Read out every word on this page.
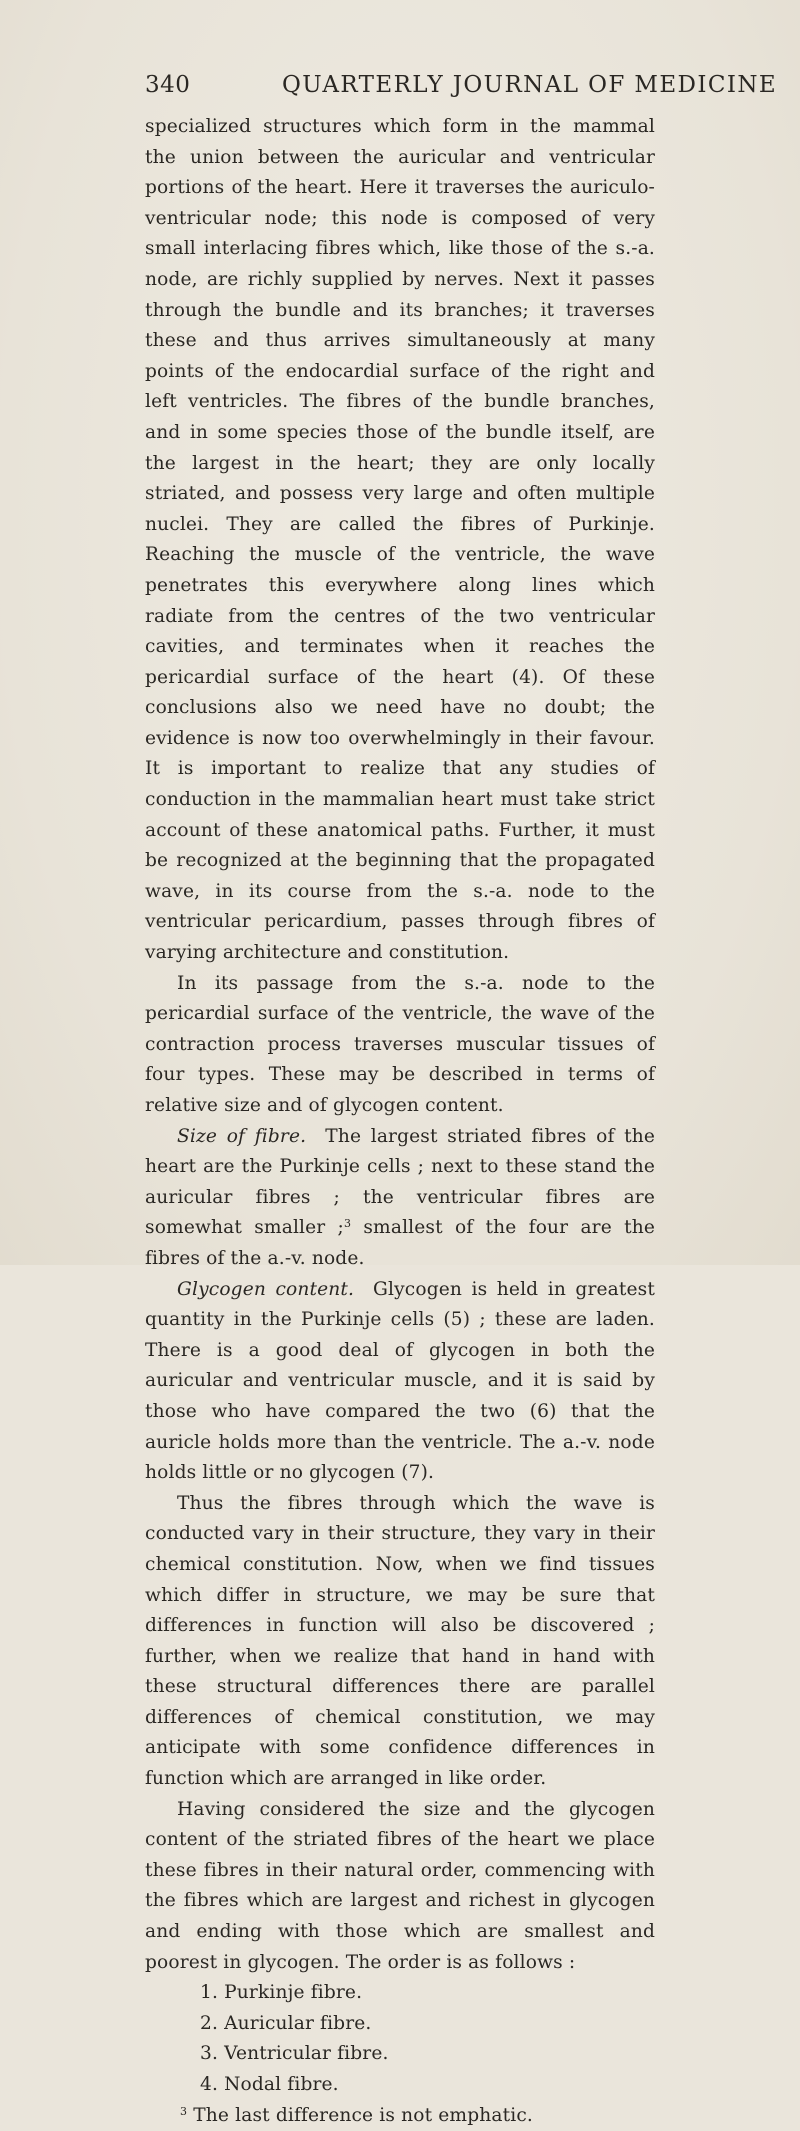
340	QUARTERLY JOURNAL OF MEDICINE

specialized structures which form in the mammal the union between the auricular and ventricular portions of the heart. Here it traverses the auriculo-ventricular node; this node is composed of very small interlacing fibres which, like those of the s.-a. node, are richly supplied by nerves. Next it passes through the bundle and its branches; it traverses these and thus arrives simultaneously at many points of the endocardial surface of the right and left ventricles. The fibres of the bundle branches, and in some species those of the bundle itself, are the largest in the heart; they are only locally striated, and possess very large and often multiple nuclei. They are called the fibres of Purkinje. Reaching the muscle of the ventricle, the wave penetrates this everywhere along lines which radiate from the centres of the two ventricular cavities, and terminates when it reaches the pericardial surface of the heart (4). Of these conclusions also we need have no doubt; the evidence is now too overwhelmingly in their favour. It is important to realize that any studies of conduction in the mammalian heart must take strict account of these anatomical paths. Further, it must be recognized at the beginning that the propagated wave, in its course from the s.-a. node to the ventricular pericardium, passes through fibres of varying architecture and constitution.

In its passage from the s.-a. node to the pericardial surface of the ventricle, the wave of the contraction process traverses muscular tissues of four types. These may be described in terms of relative size and of glycogen content.

Size of fibre.  The largest striated fibres of the heart are the Purkinje cells ; next to these stand the auricular fibres ; the ventricular fibres are somewhat smaller ;$^3$ smallest of the four are the fibres of the a.-v. node.

Glycogen content.  Glycogen is held in greatest quantity in the Purkinje cells (5) ; these are laden. There is a good deal of glycogen in both the auricular and ventricular muscle, and it is said by those who have compared the two (6) that the auricle holds more than the ventricle. The a.-v. node holds little or no glycogen (7).

Thus the fibres through which the wave is conducted vary in their structure, they vary in their chemical constitution. Now, when we find tissues which differ in structure, we may be sure that differences in function will also be discovered ; further, when we realize that hand in hand with these structural differences there are parallel differences of chemical constitution, we may anticipate with some confidence differences in function which are arranged in like order.

Having considered the size and the glycogen content of the striated fibres of the heart we place these fibres in their natural order, commencing with the fibres which are largest and richest in glycogen and ending with those which are smallest and poorest in glycogen. The order is as follows :

1. Purkinje fibre.

2. Auricular fibre.

3. Ventricular fibre.

4. Nodal fibre.

$^3$ The last difference is not emphatic.
